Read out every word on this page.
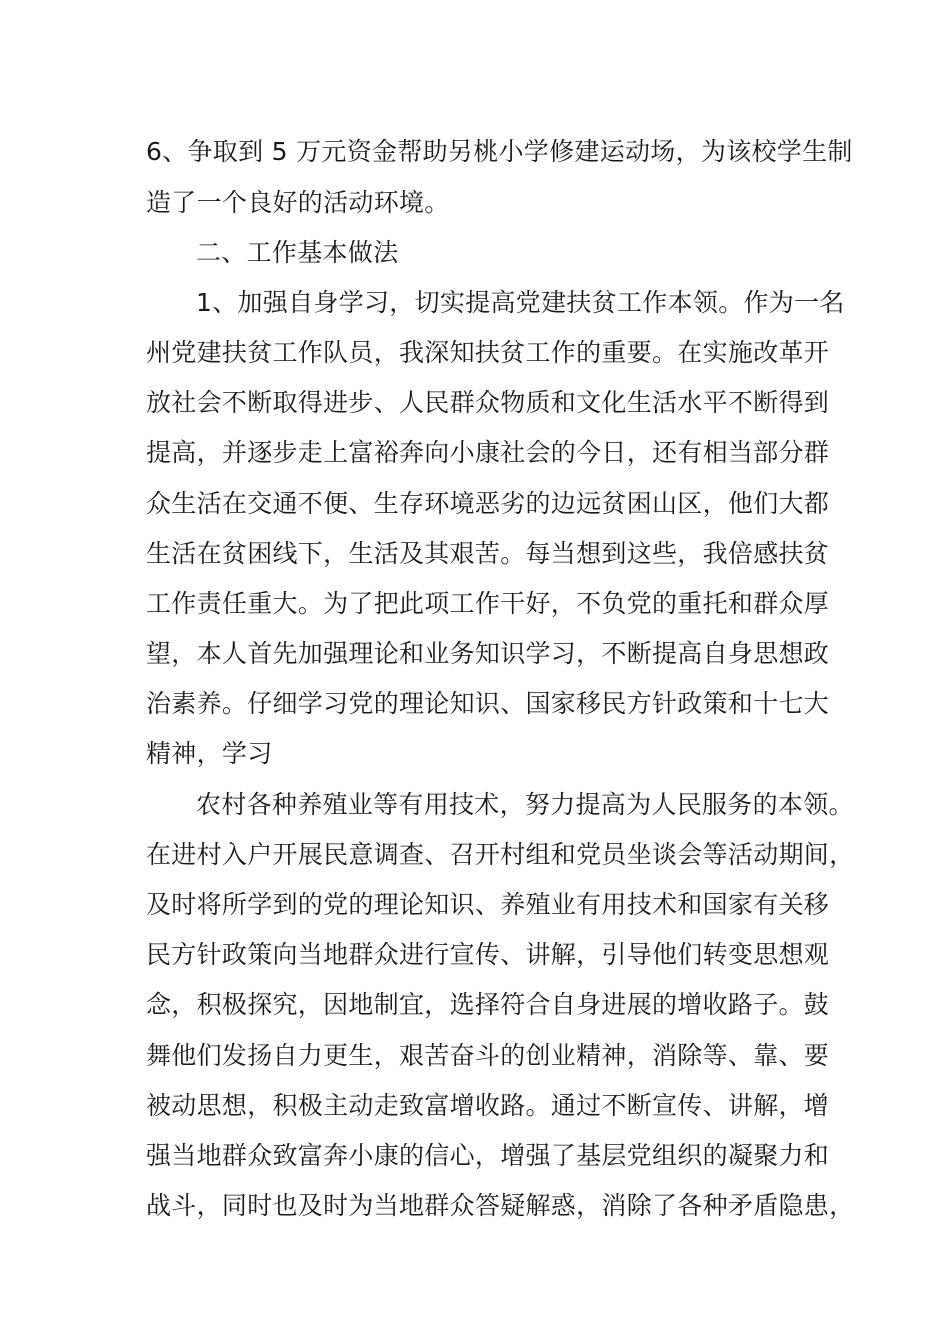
6、争取到 5 万元资金帮助另桃小学修建运动场，为该校学生制
造了一个良好的活动环境。
二、工作基本做法
1、加强自身学习，切实提高党建扶贫工作本领。作为一名
州党建扶贫工作队员，我深知扶贫工作的重要。在实施改革开
放社会不断取得进步、人民群众物质和文化生活水平不断得到
提高，并逐步走上富裕奔向小康社会的今日，还有相当部分群
众生活在交通不便、生存环境恶劣的边远贫困山区，他们大都
生活在贫困线下，生活及其艰苦。每当想到这些，我倍感扶贫
工作责任重大。为了把此项工作干好，不负党的重托和群众厚
望，本人首先加强理论和业务知识学习，不断提高自身思想政
治素养。仔细学习党的理论知识、国家移民方针政策和十七大
精神，学习
农村各种养殖业等有用技术，努力提高为人民服务的本领。
在进村入户开展民意调查、召开村组和党员坐谈会等活动期间，
及时将所学到的党的理论知识、养殖业有用技术和国家有关移
民方针政策向当地群众进行宣传、讲解，引导他们转变思想观
念，积极探究，因地制宜，选择符合自身进展的增收路子。鼓
舞他们发扬自力更生，艰苦奋斗的创业精神，消除等、靠、要
被动思想，积极主动走致富增收路。通过不断宣传、讲解，增
强当地群众致富奔小康的信心，增强了基层党组织的凝聚力和
战斗，同时也及时为当地群众答疑解惑，消除了各种矛盾隐患，
